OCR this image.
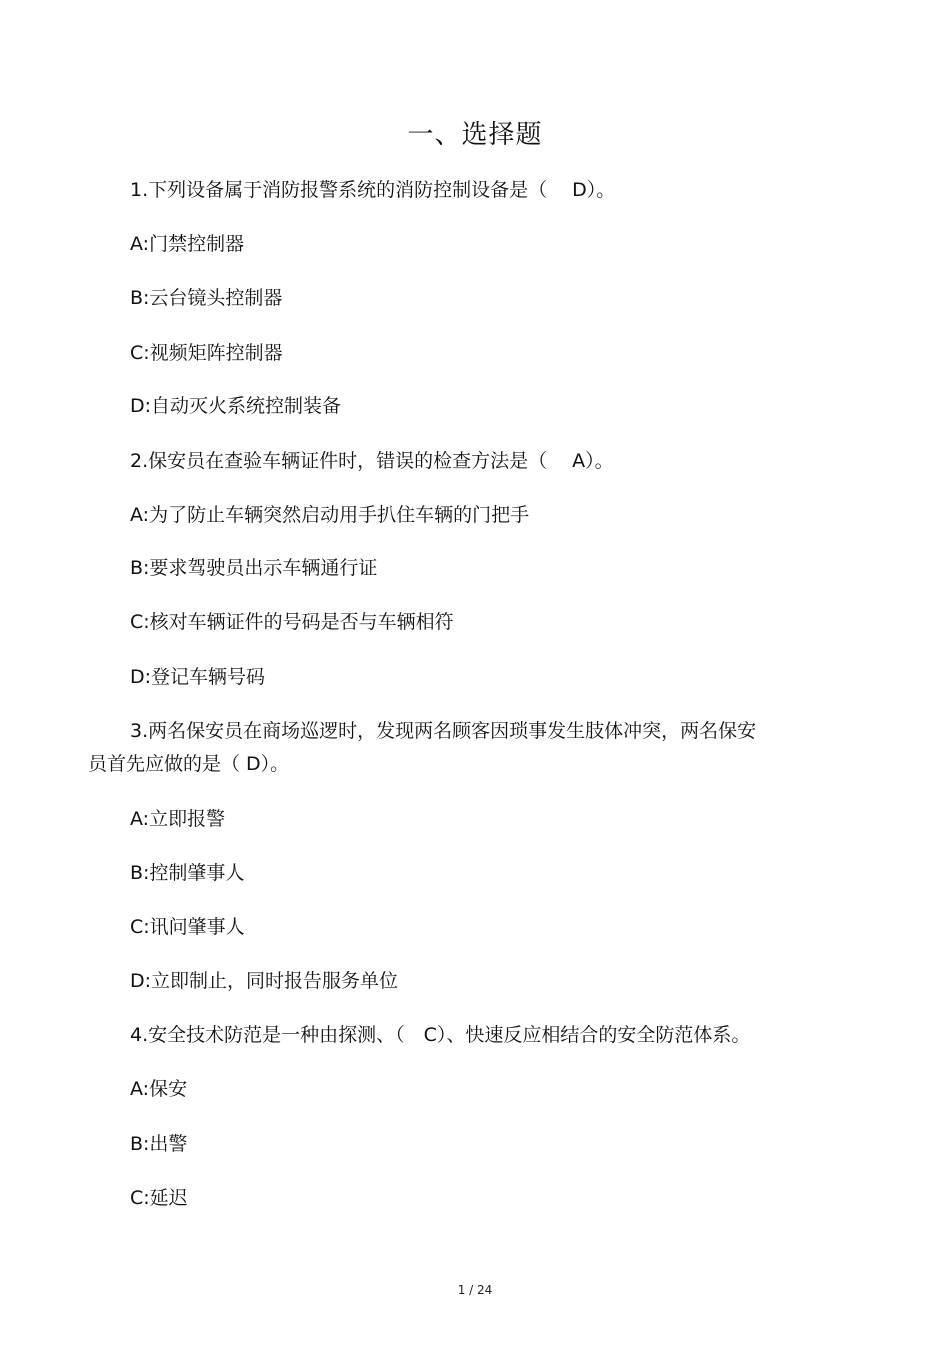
一、选择题
1.下列设备属于消防报警系统的消防控制设备是（　 D）。
A:门禁控制器
B:云台镜头控制器
C:视频矩阵控制器
D:自动灭火系统控制装备
2.保安员在查验车辆证件时，错误的检查方法是（　 A）。
A:为了防止车辆突然启动用手扒住车辆的门把手
B:要求驾驶员出示车辆通行证
C:核对车辆证件的号码是否与车辆相符
D:登记车辆号码
3.两名保安员在商场巡逻时，发现两名顾客因琐事发生肢体冲突，两名保安
员首先应做的是（ D）。
A:立即报警
B:控制肇事人
C:讯问肇事人
D:立即制止，同时报告服务单位
4.安全技术防范是一种由探测、（　C）、快速反应相结合的安全防范体系。
A:保安
B:出警
C:延迟
1 / 24
